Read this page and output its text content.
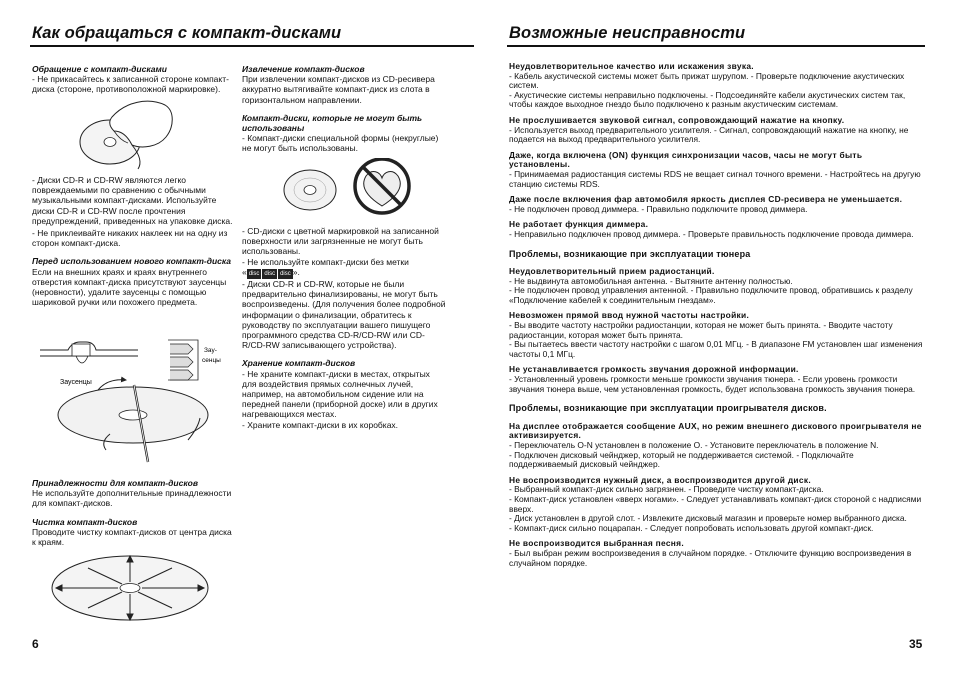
Как обращаться с компакт-дисками

Обращение с компакт-дисками

- Не прикасайтесь к записанной стороне компакт-диска (стороне, противоположной маркировке).

- Диски CD-R и CD-RW являются легко повреждаемыми по сравнению с обычными музыкальными компакт-дисками. Используйте диски CD-R и CD-RW после прочтения предупреждений, приведенных на упаковке диска.

- Не приклеивайте никаких наклеек ни на одну из сторон компакт-диска.

Перед использованием нового компакт-диска

Если на внешних краях и краях внутреннего отверстия компакт-диска присутствуют заусенцы (неровности), удалите заусенцы с помощью шариковой ручки или похожего предмета.

Заусенцы
Зау-
сенцы

Принадлежности для компакт-дисков

Не используйте дополнительные принадлежности для компакт-дисков.

Чистка компакт-дисков

Проводите чистку компакт-дисков от центра диска к краям.

Извлечение компакт-дисков

При извлечении компакт-дисков из CD-ресивера аккуратно вытягивайте компакт-диск из слота в горизонтальном направлении.

Компакт-диски, которые не могут быть использованы

- Компакт-диски специальной формы (некруглые) не могут быть использованы.

- CD-диски с цветной маркировкой на записанной поверхности или загрязненные не могут быть использованы.

- Не используйте компакт-диски без метки

« disc disc disc ».

- Диски CD-R и CD-RW, которые не были предварительно финализированы, не могут быть воспроизведены. (Для получения более подробной информации о финализации, обратитесь к руководству по эксплуатации вашего пишущего программного средства CD-R/CD-RW или CD-R/CD-RW записывающего устройства).

Хранение компакт-дисков

- Не храните компакт-диски в местах, открытых для воздействия прямых солнечных лучей, например, на автомобильном сидение или на передней панели (приборной доске) или в других нагревающихся местах.

- Храните компакт-диски в их коробках.

6
Возможные неисправности

Неудовлетворительное качество или искажения звука.

- Кабель акустической системы может быть прижат шурупом. - Проверьте подключение акустических систем.

- Акустические системы неправильно подключены. - Подсоединяйте кабели акустических систем так, чтобы каждое выходное гнездо было подключено к разным акустическим системам.

Не прослушивается звуковой сигнал, сопровождающий нажатие на кнопку.

- Используется выход предварительного усилителя. - Сигнал, сопровождающий нажатие на кнопку, не подается на выход предварительного усилителя.

Даже, когда включена (ON) функция синхронизации часов, часы не могут быть установлены.

- Принимаемая радиостанция системы RDS не вещает сигнал точного времени. - Настройтесь на другую станцию системы RDS.

Даже после включения фар автомобиля яркость дисплея CD-ресивера не уменьшается.

- Не подключен провод диммера. - Правильно подключите провод диммера.

Не работает функция диммера.

- Неправильно подключен провод диммера. - Проверьте правильность подключение провода диммера.

Проблемы, возникающие при эксплуатации тюнера

Неудовлетворительный прием радиостанций.

- Не выдвинута автомобильная антенна. - Вытяните антенну полностью.

- Не подключен провод управления антенной. - Правильно подключите провод, обратившись к разделу «Подключение кабелей к соединительным гнездам».

Невозможен прямой ввод нужной частоты настройки.

- Вы вводите частоту настройки радиостанции, которая не может быть принята. - Вводите частоту радиостанции, которая может быть принята.

- Вы пытаетесь ввести частоту настройки с шагом 0,01 МГц. - В диапазоне FM установлен шаг изменения частоты 0,1 МГц.

Не устанавливается громкость звучания дорожной информации.

- Установленный уровень громкости меньше громкости звучания тюнера. - Если уровень громкости звучания тюнера выше, чем установленная громкость, будет использована громкость звучания тюнера.

Проблемы, возникающие при эксплуатации проигрывателя дисков.

На дисплее отображается сообщение AUX, но режим внешнего дискового проигрывателя не активизируется.

- Переключатель O-N установлен в положение O. - Установите переключатель в положение N.

- Подключен дисковый чейнджер, который не поддерживается системой. - Подключайте поддерживаемый дисковый чейнджер.

Не воспроизводится нужный диск, а воспроизводится другой диск.

- Выбранный компакт-диск сильно загрязнен. - Проведите чистку компакт-диска.

- Компакт-диск установлен «вверх ногами». - Следует устанавливать компакт-диск стороной с надписями вверх.

- Диск установлен в другой слот. - Извлеките дисковый магазин и проверьте номер выбранного диска.

- Компакт-диск сильно поцарапан. - Следует попробовать использовать другой компакт-диск.

Не воспроизводится выбранная песня.

- Был выбран режим воспроизведения в случайном порядке. - Отключите функцию воспроизведения в случайном порядке.

35
